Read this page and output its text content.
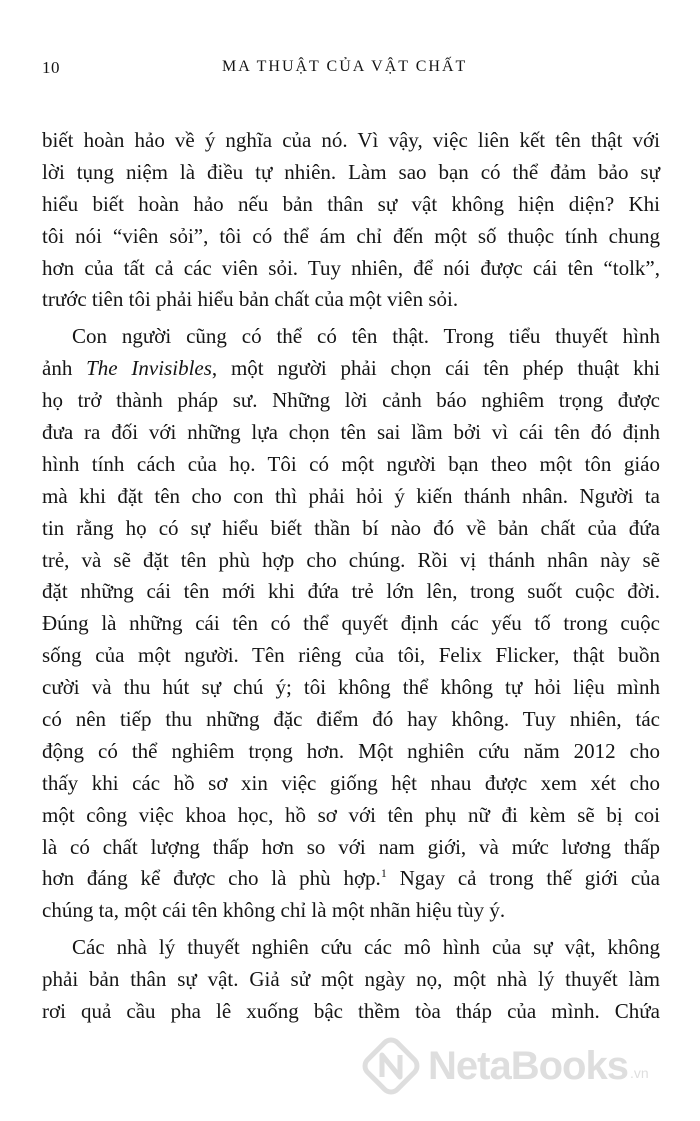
10	MA THUẬT CỦA VẬT CHẤT
biết hoàn hảo về ý nghĩa của nó. Vì vậy, việc liên kết tên thật với
lời tụng niệm là điều tự nhiên. Làm sao bạn có thể đảm bảo sự
hiểu biết hoàn hảo nếu bản thân sự vật không hiện diện? Khi
tôi nói “viên sỏi”, tôi có thể ám chỉ đến một số thuộc tính chung
hơn của tất cả các viên sỏi. Tuy nhiên, để nói được cái tên “tolk”,
trước tiên tôi phải hiểu bản chất của một viên sỏi.
Con người cũng có thể có tên thật. Trong tiểu thuyết hình
ảnh The Invisibles, một người phải chọn cái tên phép thuật khi
họ trở thành pháp sư. Những lời cảnh báo nghiêm trọng được
đưa ra đối với những lựa chọn tên sai lầm bởi vì cái tên đó định
hình tính cách của họ. Tôi có một người bạn theo một tôn giáo
mà khi đặt tên cho con thì phải hỏi ý kiến thánh nhân. Người ta
tin rằng họ có sự hiểu biết thần bí nào đó về bản chất của đứa
trẻ, và sẽ đặt tên phù hợp cho chúng. Rồi vị thánh nhân này sẽ
đặt những cái tên mới khi đứa trẻ lớn lên, trong suốt cuộc đời.
Đúng là những cái tên có thể quyết định các yếu tố trong cuộc
sống của một người. Tên riêng của tôi, Felix Flicker, thật buồn
cười và thu hút sự chú ý; tôi không thể không tự hỏi liệu mình
có nên tiếp thu những đặc điểm đó hay không. Tuy nhiên, tác
động có thể nghiêm trọng hơn. Một nghiên cứu năm 2012 cho
thấy khi các hồ sơ xin việc giống hệt nhau được xem xét cho
một công việc khoa học, hồ sơ với tên phụ nữ đi kèm sẽ bị coi
là có chất lượng thấp hơn so với nam giới, và mức lương thấp
hơn đáng kể được cho là phù hợp.$^1$ Ngay cả trong thế giới của
chúng ta, một cái tên không chỉ là một nhãn hiệu tùy ý.
Các nhà lý thuyết nghiên cứu các mô hình của sự vật, không
phải bản thân sự vật. Giả sử một ngày nọ, một nhà lý thuyết làm
rơi quả cầu pha lê xuống bậc thềm tòa tháp của mình. Chứa
NetaBooks .vn
